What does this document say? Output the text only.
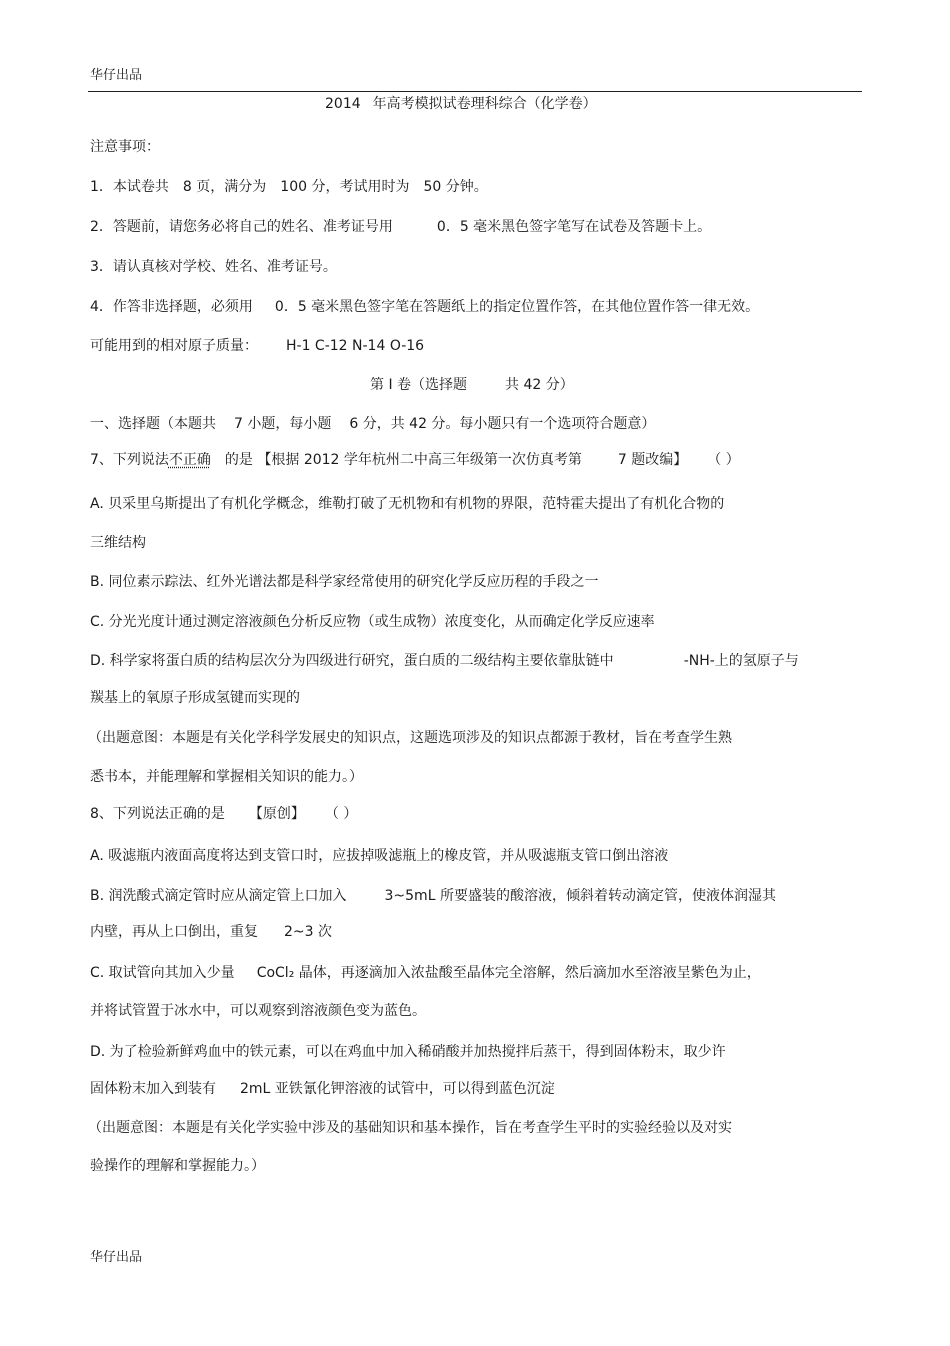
华仔出品
2014 年高考模拟试卷理科综合（化学卷）
注意事项：
1．本试卷共 8 页，满分为 100 分，考试用时为 50 分钟。
2．答题前，请您务必将自己的姓名、准考证号用	0．5 毫米黑色签字笔写在试卷及答题卡上。
3．请认真核对学校、姓名、准考证号。
4．作答非选择题，必须用 0．5 毫米黑色签字笔在答题纸上的指定位置作答，在其他位置作答一律无效。
可能用到的相对原子质量： H-1 C-12 N-14 O-16
第 I 卷（选择题	共 42 分）
一、选择题（本题共 7 小题，每小题 6 分，共 42 分。每小题只有一个选项符合题意）
7、下列说法不正确 的是 【根据 2012 学年杭州二中高三年级第一次仿真考第	7 题改编】 （ ）
A. 贝采里乌斯提出了有机化学概念，维勒打破了无机物和有机物的界限，范特霍夫提出了有机化合物的
三维结构
B. 同位素示踪法、红外光谱法都是科学家经常使用的研究化学反应历程的手段之一
C. 分光光度计通过测定溶液颜色分析反应物（或生成物）浓度变化，从而确定化学反应速率
D. 科学家将蛋白质的结构层次分为四级进行研究，蛋白质的二级结构主要依靠肽链中	-NH-上的氢原子与
羰基上的氧原子形成氢键而实现的
（出题意图：本题是有关化学科学发展史的知识点，这题选项涉及的知识点都源于教材，旨在考查学生熟
悉书本，并能理解和掌握相关知识的能力。）
8、下列说法正确的是 【原创】 （ ）
A. 吸滤瓶内液面高度将达到支管口时，应拔掉吸滤瓶上的橡皮管，并从吸滤瓶支管口倒出溶液
B. 润洗酸式滴定管时应从滴定管上口加入	3~5mL 所要盛装的酸溶液，倾斜着转动滴定管，使液体润湿其
内壁，再从上口倒出，重复 2~3 次
C. 取试管向其加入少量 CoCl₂ 晶体，再逐滴加入浓盐酸至晶体完全溶解，然后滴加水至溶液呈紫色为止，
并将试管置于冰水中，可以观察到溶液颜色变为蓝色。
D. 为了检验新鲜鸡血中的铁元素，可以在鸡血中加入稀硝酸并加热搅拌后蒸干，得到固体粉末，取少许
固体粉末加入到装有 2mL 亚铁氰化钾溶液的试管中，可以得到蓝色沉淀
（出题意图：本题是有关化学实验中涉及的基础知识和基本操作，旨在考查学生平时的实验经验以及对实
验操作的理解和掌握能力。）
华仔出品
